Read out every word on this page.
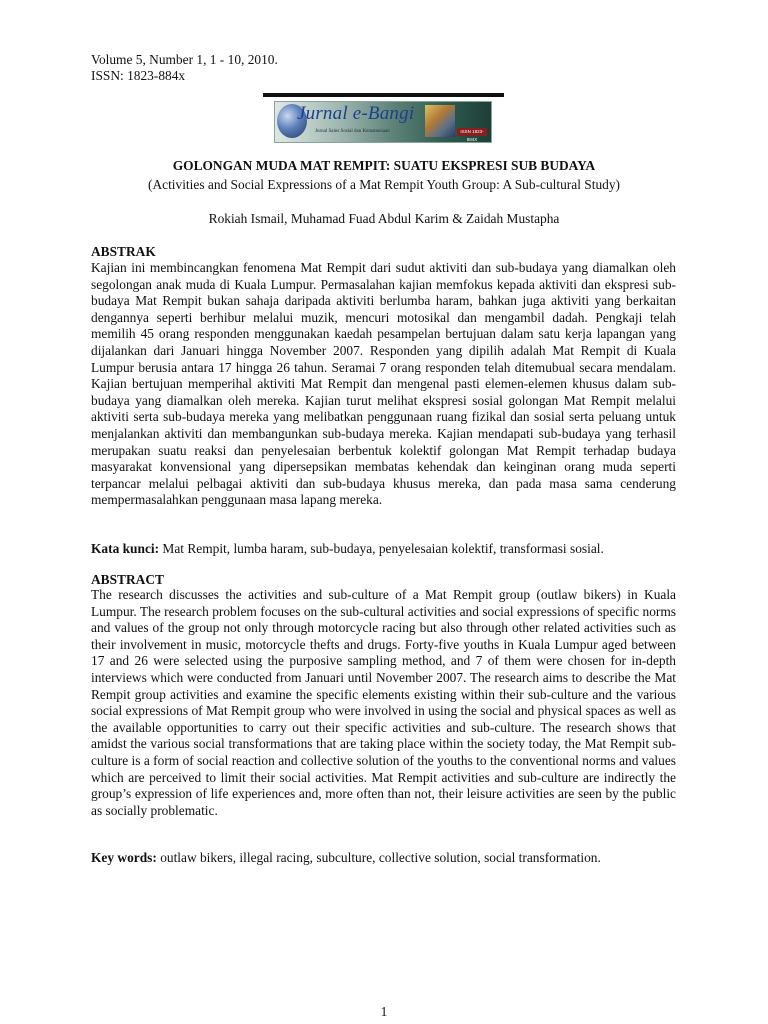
Volume 5, Number 1, 1 - 10, 2010.
ISSN: 1823-884x
Jurnal e-Bangi
Jurnal Sains Sosial dan Kemanusiaan	ISSN 1823-884X
GOLONGAN MUDA MAT REMPIT: SUATU EKSPRESI SUB BUDAYA
(Activities and Social Expressions of a Mat Rempit Youth Group: A Sub-cultural Study)
Rokiah Ismail, Muhamad Fuad Abdul Karim & Zaidah Mustapha
ABSTRAK

Kajian ini membincangkan fenomena Mat Rempit dari sudut aktiviti dan sub-budaya yang diamalkan oleh segolongan anak muda di Kuala Lumpur. Permasalahan kajian memfokus kepada aktiviti dan ekspresi sub-budaya Mat Rempit bukan sahaja daripada aktiviti berlumba haram, bahkan juga aktiviti yang berkaitan dengannya seperti berhibur melalui muzik, mencuri motosikal dan mengambil dadah. Pengkaji telah memilih 45 orang responden menggunakan kaedah pesampelan bertujuan dalam satu kerja lapangan yang dijalankan dari Januari hingga November 2007. Responden yang dipilih adalah Mat Rempit di Kuala Lumpur berusia antara 17 hingga 26 tahun. Seramai 7 orang responden telah ditemubual secara mendalam. Kajian bertujuan memperihal aktiviti Mat Rempit dan mengenal pasti elemen-elemen khusus dalam sub-budaya yang diamalkan oleh mereka. Kajian turut melihat ekspresi sosial golongan Mat Rempit melalui aktiviti serta sub-budaya mereka yang melibatkan penggunaan ruang fizikal dan sosial serta peluang untuk menjalankan aktiviti dan membangunkan sub-budaya mereka. Kajian mendapati sub-budaya yang terhasil merupakan suatu reaksi dan penyelesaian berbentuk kolektif golongan Mat Rempit terhadap budaya masyarakat konvensional yang dipersepsikan membatas kehendak dan keinginan orang muda seperti terpancar melalui pelbagai aktiviti dan sub-budaya khusus mereka, dan pada masa sama cenderung mempermasalahkan penggunaan masa lapang mereka.

Kata kunci: Mat Rempit, lumba haram, sub-budaya, penyelesaian kolektif, transformasi sosial.
ABSTRACT

The research discusses the activities and sub-culture of a Mat Rempit group (outlaw bikers) in Kuala Lumpur. The research problem focuses on the sub-cultural activities and social expressions of specific norms and values of the group not only through motorcycle racing but also through other related activities such as their involvement in music, motorcycle thefts and drugs. Forty-five youths in Kuala Lumpur aged between 17 and 26 were selected using the purposive sampling method, and 7 of them were chosen for in-depth interviews which were conducted from Januari until November 2007. The research aims to describe the Mat Rempit group activities and examine the specific elements existing within their sub-culture and the various social expressions of Mat Rempit group who were involved in using the social and physical spaces as well as the available opportunities to carry out their specific activities and sub-culture. The research shows that amidst the various social transformations that are taking place within the society today, the Mat Rempit sub-culture is a form of social reaction and collective solution of the youths to the conventional norms and values which are perceived to limit their social activities. Mat Rempit activities and sub-culture are indirectly the group’s expression of life experiences and, more often than not, their leisure activities are seen by the public as socially problematic.

Key words: outlaw bikers, illegal racing, subculture, collective solution, social transformation.
1
